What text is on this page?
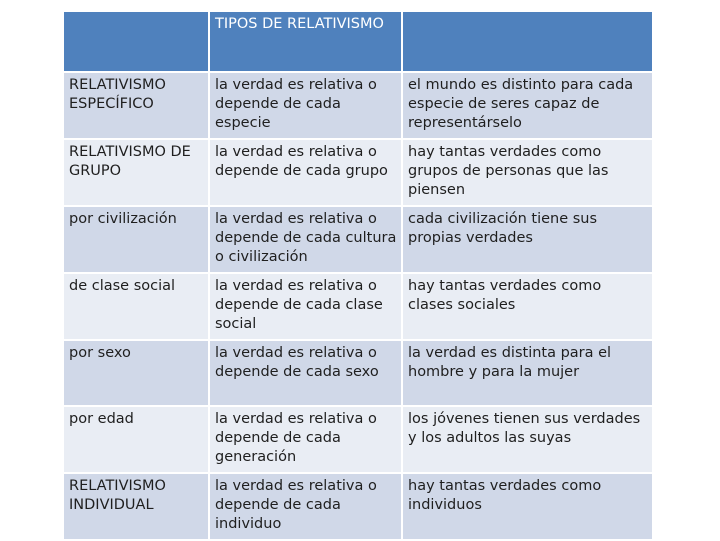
	TIPOS DE RELATIVISMO	
RELATIVISMO ESPECÍFICO	la verdad es relativa o depende de cada especie	el mundo es distinto para cada especie de seres capaz de representárselo
RELATIVISMO DE GRUPO	la verdad es relativa o depende de cada grupo	hay tantas verdades como grupos de personas que las piensen
por civilización	la verdad es relativa o depende de cada cultura o civilización	cada civilización tiene sus propias verdades
de clase social	la verdad es relativa o depende de cada clase social	hay tantas verdades como clases sociales
por sexo	la verdad es relativa o depende de cada sexo	la verdad es distinta para el hombre y para la mujer
por edad	la verdad es relativa o depende de cada generación	los jóvenes tienen sus verdades y los adultos las suyas
RELATIVISMO INDIVIDUAL	la verdad es relativa o depende de cada individuo	hay tantas verdades como individuos
